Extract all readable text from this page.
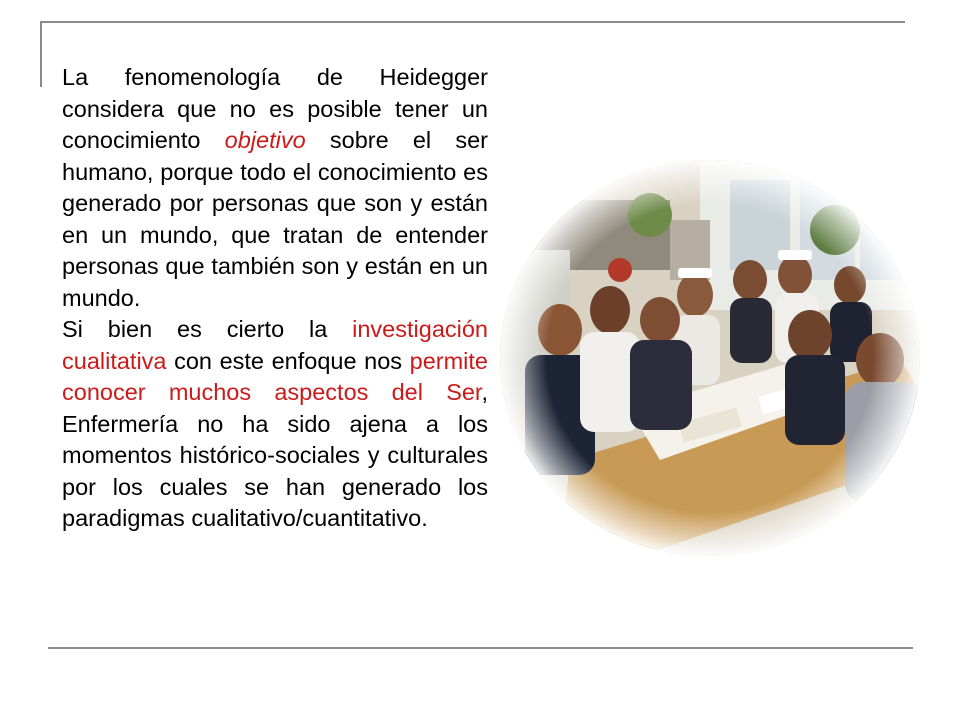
La fenomenología de Heidegger considera que no es posible tener un conocimiento objetivo sobre el ser humano, porque todo el conocimiento es generado por personas que son y están en un mundo, que tratan de entender personas que también son y están en un mundo.

Si bien es cierto la investigación cualitativa con este enfoque nos permite conocer muchos aspectos del Ser, Enfermería no ha sido ajena a los momentos histórico-sociales y culturales por los cuales se han generado los paradigmas cualitativo/cuantitativo.
